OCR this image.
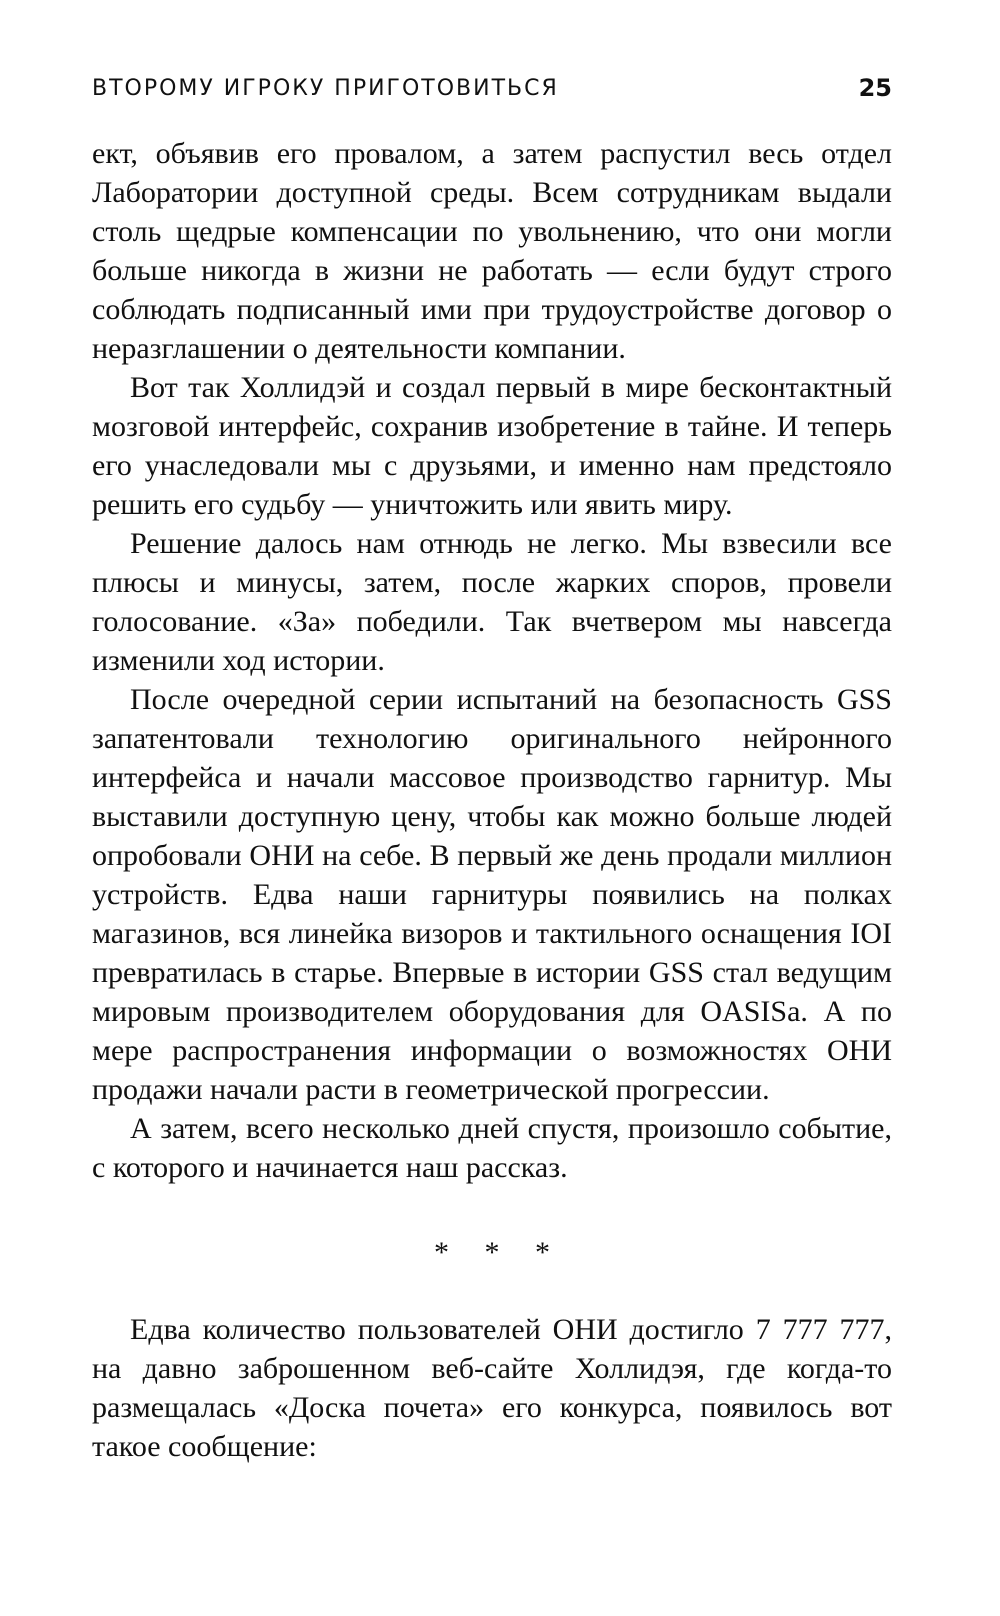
ВТОРОМУ ИГРОКУ ПРИГОТОВИТЬСЯ	25

ект, объявив его провалом, а затем распустил весь отдел Лаборатории доступной среды. Всем сотрудникам выдали столь щедрые компенсации по увольнению, что они могли больше никогда в жизни не работать — если будут строго соблюдать подписанный ими при трудоустройстве договор о неразглашении о деятельности компании.

Вот так Холлидэй и создал первый в мире бесконтактный мозговой интерфейс, сохранив изобретение в тайне. И теперь его унаследовали мы с друзьями, и именно нам предстояло решить его судьбу — уничтожить или явить миру.

Решение далось нам отнюдь не легко. Мы взвесили все плюсы и минусы, затем, после жарких споров, провели голосование. «За» победили. Так вчетвером мы навсегда изменили ход истории.

После очередной серии испытаний на безопасность GSS запатентовали технологию оригинального нейронного интерфейса и начали массовое производство гарнитур. Мы выставили доступную цену, чтобы как можно больше людей опробовали ОНИ на себе. В первый же день продали миллион устройств. Едва наши гарнитуры появились на полках магазинов, вся линейка визоров и тактильного оснащения IOI превратилась в старье. Впервые в истории GSS стал ведущим мировым производителем оборудования для OASISa. А по мере распространения информации о возможностях ОНИ продажи начали расти в геометрической прогрессии.

А затем, всего несколько дней спустя, произошло событие, с которого и начинается наш рассказ.

* * *

Едва количество пользователей ОНИ достигло 7 777 777, на давно заброшенном веб-сайте Холлидэя, где когда-то размещалась «Доска почета» его конкурса, появилось вот такое сообщение:
